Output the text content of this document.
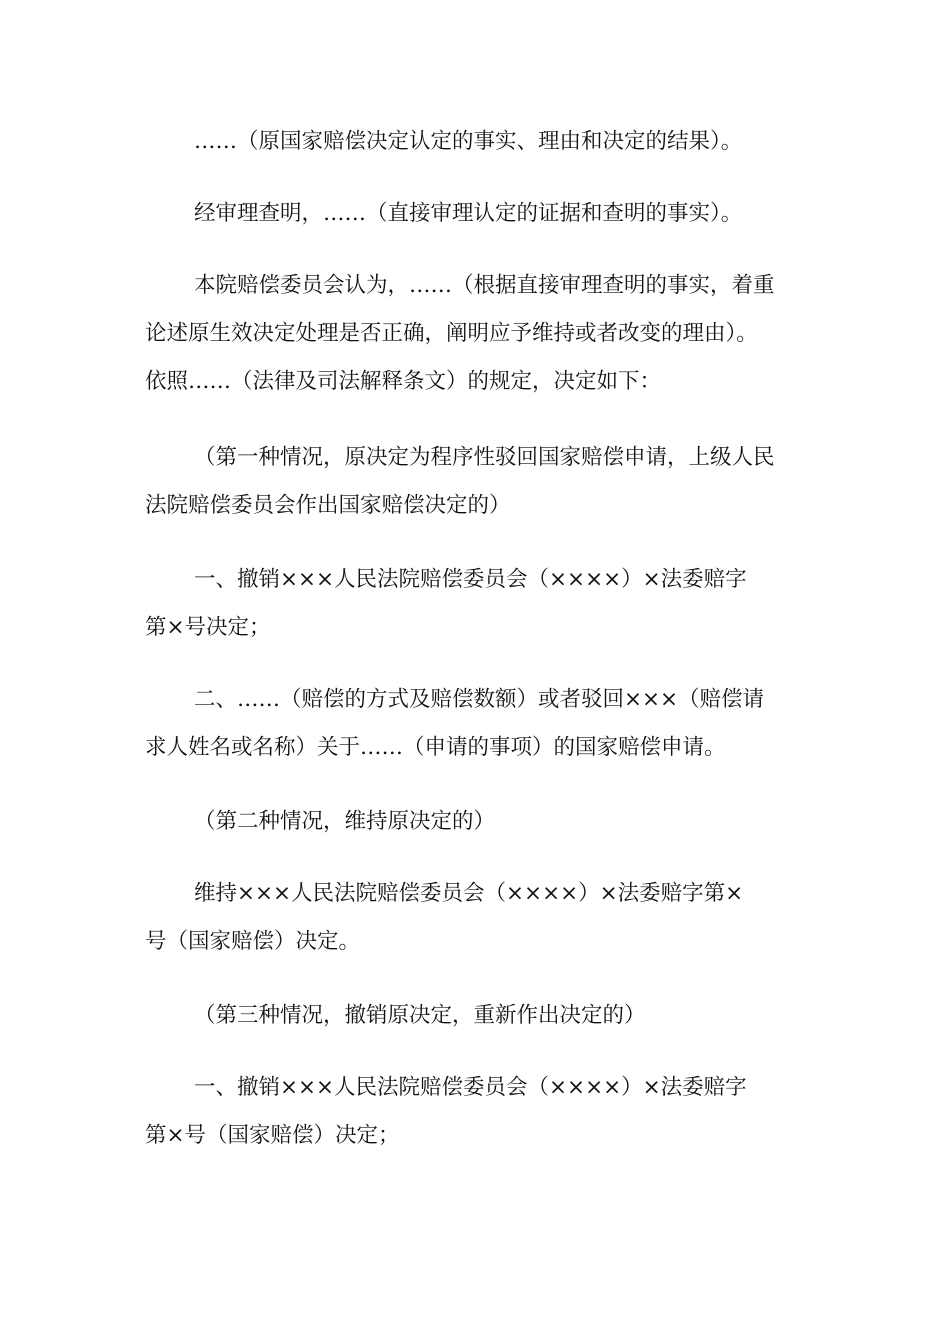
……（原国家赔偿决定认定的事实、理由和决定的结果）。
经审理查明，……（直接审理认定的证据和查明的事实）。
本院赔偿委员会认为，……（根据直接审理查明的事实，着重
论述原生效决定处理是否正确，阐明应予维持或者改变的理由）。
依照……（法律及司法解释条文）的规定，决定如下：
（第一种情况，原决定为程序性驳回国家赔偿申请，上级人民
法院赔偿委员会作出国家赔偿决定的）
一、撤销×××人民法院赔偿委员会（××××）×法委赔字
第×号决定；
二、……（赔偿的方式及赔偿数额）或者驳回×××（赔偿请
求人姓名或名称）关于……（申请的事项）的国家赔偿申请。
（第二种情况，维持原决定的）
维持×××人民法院赔偿委员会（××××）×法委赔字第×
号（国家赔偿）决定。
（第三种情况，撤销原决定，重新作出决定的）
一、撤销×××人民法院赔偿委员会（××××）×法委赔字
第×号（国家赔偿）决定；
